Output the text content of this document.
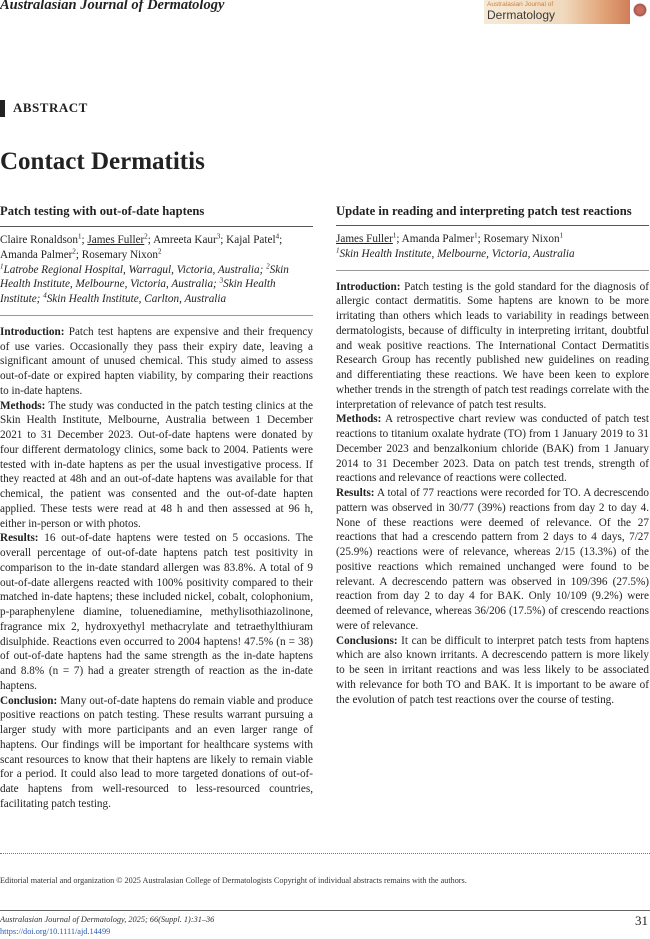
Australasian Journal of Dermatology	Australasian Journal of
Dermatology
ABSTRACT
Contact Dermatitis
Patch testing with out-of-date haptens

Claire Ronaldson$^1$; James Fuller$^2$; Amreeta Kaur$^3$; Kajal Patel$^4$; Amanda Palmer$^2$; Rosemary Nixon$^2$

$^1$Latrobe Regional Hospital, Warragul, Victoria, Australia; $^2$Skin Health Institute, Melbourne, Victoria, Australia; $^3$Skin Health Institute; $^4$Skin Health Institute, Carlton, Australia

Introduction: Patch test haptens are expensive and their frequency of use varies. Occasionally they pass their expiry date, leaving a significant amount of unused chemical. This study aimed to assess out-of-date or expired hapten viability, by comparing their reactions to in-date haptens.

Methods: The study was conducted in the patch testing clinics at the Skin Health Institute, Melbourne, Australia between 1 December 2021 to 31 December 2023. Out-of-date haptens were donated by four different dermatology clinics, some back to 2004. Patients were tested with in-date haptens as per the usual investigative process. If they reacted at 48h and an out-of-date haptens was available for that chemical, the patient was consented and the out-of-date hapten applied. These tests were read at 48 h and then assessed at 96 h, either in-person or with photos.

Results: 16 out-of-date haptens were tested on 5 occasions. The overall percentage of out-of-date haptens patch test positivity in comparison to the in-date standard allergen was 83.8%. A total of 9 out-of-date allergens reacted with 100% positivity compared to their matched in-date haptens; these included nickel, cobalt, colophonium, p-paraphenylene diamine, toluenediamine, methylisothiazolinone, fragrance mix 2, hydroxyethyl methacrylate and tetraethylthiuram disulphide. Reactions even occurred to 2004 haptens! 47.5% (n = 38) of out-of-date haptens had the same strength as the in-date haptens and 8.8% (n = 7) had a greater strength of reaction as the in-date haptens.

Conclusion: Many out-of-date haptens do remain viable and produce positive reactions on patch testing. These results warrant pursuing a larger study with more participants and an even larger range of haptens. Our findings will be important for healthcare systems with scant resources to know that their haptens are likely to remain viable for a period. It could also lead to more targeted donations of out-of-date haptens from well-resourced to less-resourced countries, facilitating patch testing.

Update in reading and interpreting patch test reactions

James Fuller$^1$; Amanda Palmer$^1$; Rosemary Nixon$^1$

$^1$Skin Health Institute, Melbourne, Victoria, Australia

Introduction: Patch testing is the gold standard for the diagnosis of allergic contact dermatitis. Some haptens are known to be more irritating than others which leads to variability in readings between dermatologists, because of difficulty in interpreting irritant, doubtful and weak positive reactions. The International Contact Dermatitis Research Group has recently published new guidelines on reading and differentiating these reactions. We have been keen to explore whether trends in the strength of patch test readings correlate with the interpretation of relevance of patch test results.

Methods: A retrospective chart review was conducted of patch test reactions to titanium oxalate hydrate (TO) from 1 January 2019 to 31 December 2023 and benzalkonium chloride (BAK) from 1 January 2014 to 31 December 2023. Data on patch test trends, strength of reactions and relevance of reactions were collected.

Results: A total of 77 reactions were recorded for TO. A decrescendo pattern was observed in 30/77 (39%) reactions from day 2 to day 4. None of these reactions were deemed of relevance. Of the 27 reactions that had a crescendo pattern from 2 days to 4 days, 7/27 (25.9%) reactions were of relevance, whereas 2/15 (13.3%) of the positive reactions which remained unchanged were found to be relevant. A decrescendo pattern was observed in 109/396 (27.5%) reaction from day 2 to day 4 for BAK. Only 10/109 (9.2%) were deemed of relevance, whereas 36/206 (17.5%) of crescendo reactions were of relevance.

Conclusions: It can be difficult to interpret patch tests from haptens which are also known irritants. A decrescendo pattern is more likely to be seen in irritant reactions and was less likely to be associated with relevance for both TO and BAK. It is important to be aware of the evolution of patch test reactions over the course of testing.

Editorial material and organization © 2025 Australasian College of Dermatologists Copyright of individual abstracts remains with the authors.
Australasian Journal of Dermatology, 2025; 66(Suppl. 1):31–36
https://doi.org/10.1111/ajd.14499
31
